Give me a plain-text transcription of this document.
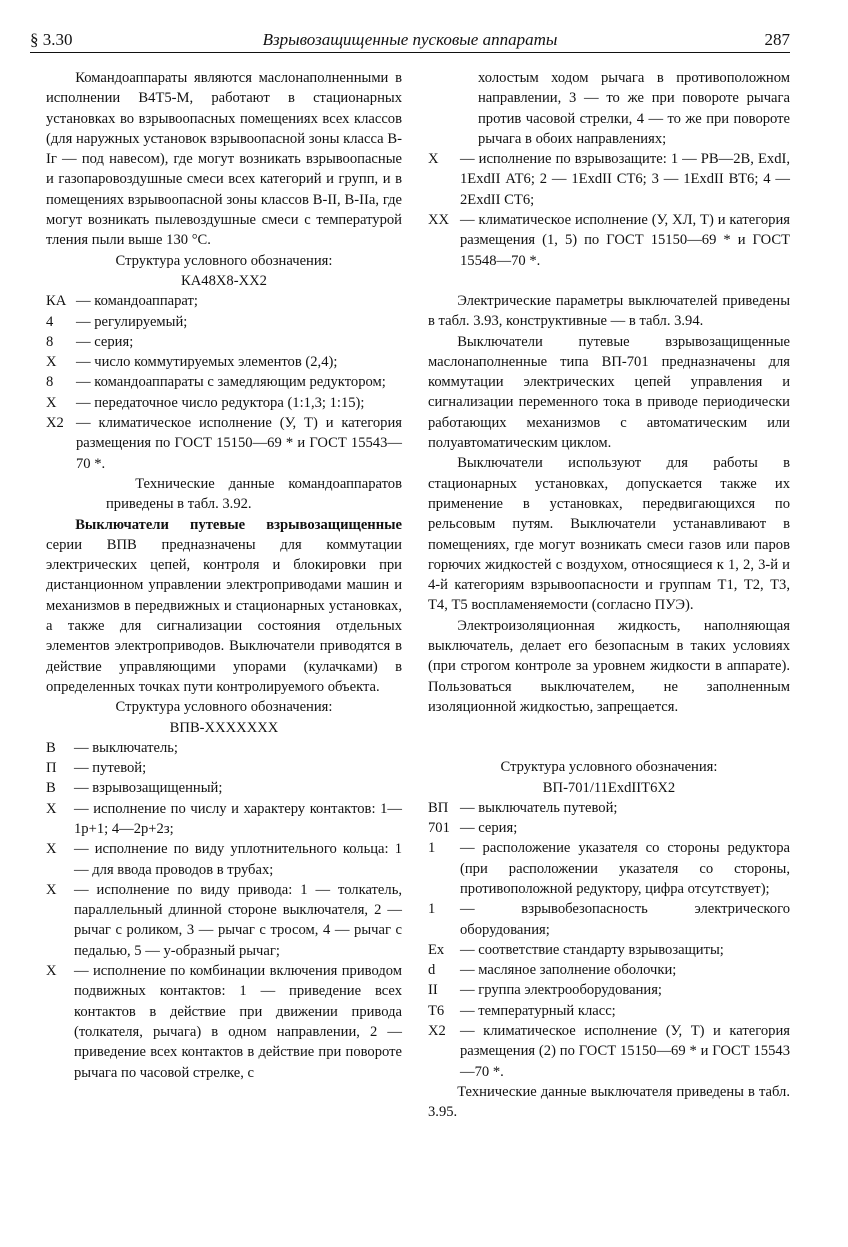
§ 3.30	Взрывозащищенные пусковые аппараты	287

Командоаппараты являются маслонаполненными в исполнении В4Т5-М, работают в стационарных установках во взрывоопасных помещениях всех классов (для наружных установок взрывоопасной зоны класса В-Iг — под навесом), где могут возникать взрывоопасные и газопаровоздушные смеси всех категорий и групп, и в помещениях взрывоопасной зоны классов В-II, В-IIа, где могут возникать пылевоздушные смеси с температурой тления пыли выше 130 °С.

Структура условного обозначения:
КА48Х8-ХХ2
КА — командоаппарат;
4 — регулируемый;
8 — серия;
Х — число коммутируемых элементов (2,4);
8 — командоаппараты с замедляющим редуктором;
Х — передаточное число редуктора (1:1,3; 1:15);
Х2 — климатическое исполнение (У, Т) и категория размещения по ГОСТ 15150—69 * и ГОСТ 15543—70 *.

Технические данные командоаппаратов приведены в табл. 3.92.

Выключатели путевые взрывозащищенные серии ВПВ предназначены для коммутации электрических цепей, контроля и блокировки при дистанционном управлении электроприводами машин и механизмов в передвижных и стационарных установках, а также для сигнализации состояния отдельных элементов электроприводов. Выключатели приводятся в действие управляющими упорами (кулачками) в определенных точках пути контролируемого объекта.

Структура условного обозначения:
ВПВ-ХХХХХХХ
В — выключатель;
П — путевой;
В — взрывозащищенный;
Х — исполнение по числу и характеру контактов: 1—1р+1; 4—2р+2з;
Х — исполнение по виду уплотнительного кольца: 1 — для ввода проводов в трубах;
Х — исполнение по виду привода: 1 — толкатель, параллельный длинной стороне выключателя, 2 — рычаг с роликом, 3 — рычаг с тросом, 4 — рычаг с педалью, 5 — у-образный рычаг;
Х — исполнение по комбинации включения приводом подвижных контактов: 1 — приведение всех контактов в действие при движении привода (толкателя, рычага) в одном направлении, 2 — приведение всех контактов в действие при повороте рычага по часовой стрелке, с

холостым ходом рычага в противоположном направлении, 3 — то же при повороте рычага против часовой стрелки, 4 — то же при повороте рычага в обоих направлениях;

Х — исполнение по взрывозащите: 1 — РВ—2В, ExdI, 1ExdII АТ6; 2 — 1ExdII СТ6; 3 — 1ExdII ВТ6; 4 — 2ExdII СТ6;
ХХ — климатическое исполнение (У, ХЛ, Т) и категория размещения (1, 5) по ГОСТ 15150—69 * и ГОСТ 15548—70 *.

Электрические параметры выключателей приведены в табл. 3.93, конструктивные — в табл. 3.94.

Выключатели путевые взрывозащищенные маслонаполненные типа ВП-701 предназначены для коммутации электрических цепей управления и сигнализации переменного тока в приводе периодически работающих механизмов с автоматическим или полуавтоматическим циклом.

Выключатели используют для работы в стационарных установках, допускается также их применение в установках, передвигающихся по рельсовым путям. Выключатели устанавливают в помещениях, где могут возникать смеси газов или паров горючих жидкостей с воздухом, относящиеся к 1, 2, 3-й и 4-й категориям взрывоопасности и группам Т1, Т2, Т3, Т4, Т5 воспламеняемости (согласно ПУЭ).

Электроизоляционная жидкость, наполняющая выключатель, делает его безопасным в таких условиях (при строгом контроле за уровнем жидкости в аппарате). Пользоваться выключателем, не заполненным изоляционной жидкостью, запрещается.

Структура условного обозначения:
ВП-701/11ExdIIТ6Х2
ВП — выключатель путевой;
701 — серия;
1 — расположение указателя со стороны редуктора (при расположении указателя со стороны, противоположной редуктору, цифра отсутствует);
1 — взрывобезопасность электрического оборудования;
Ex — соответствие стандарту взрывозащиты;
d — масляное заполнение оболочки;
II — группа электрооборудования;
Т6 — температурный класс;
Х2 — климатическое исполнение (У, Т) и категория размещения (2) по ГОСТ 15150—69 * и ГОСТ 15543—70 *.

Технические данные выключателя приведены в табл. 3.95.
